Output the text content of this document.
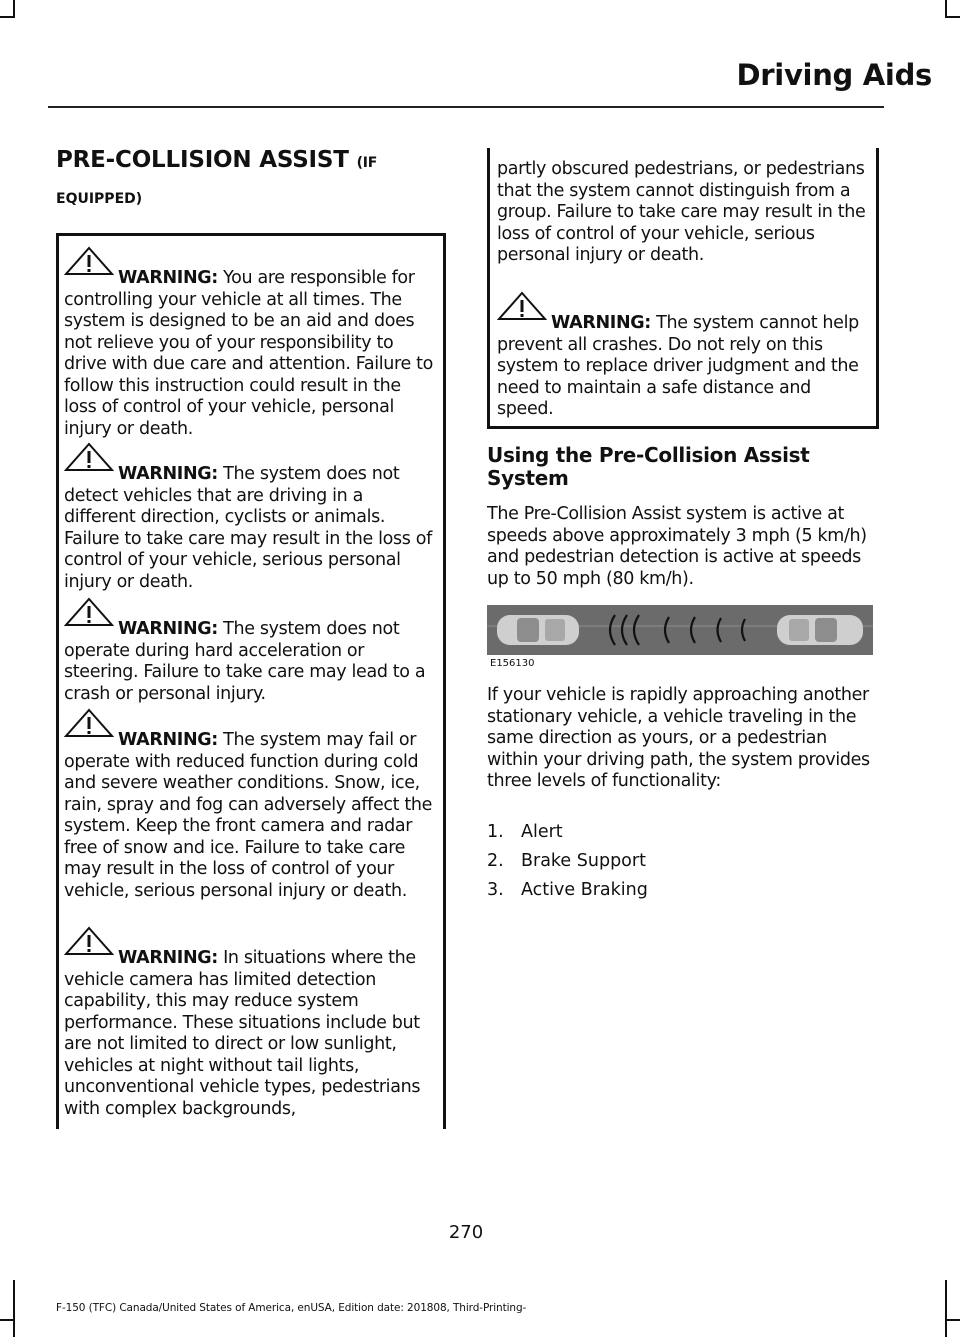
Driving Aids
PRE-COLLISION ASSIST (IF
EQUIPPED)
WARNING: You are responsible for controlling your vehicle at all times. The system is designed to be an aid and does not relieve you of your responsibility to drive with due care and attention. Failure to follow this instruction could result in the loss of control of your vehicle, personal injury or death.
WARNING: The system does not detect vehicles that are driving in a different direction, cyclists or animals. Failure to take care may result in the loss of control of your vehicle, serious personal injury or death.
WARNING: The system does not operate during hard acceleration or steering. Failure to take care may lead to a crash or personal injury.
WARNING: The system may fail or operate with reduced function during cold and severe weather conditions. Snow, ice, rain, spray and fog can adversely affect the system. Keep the front camera and radar free of snow and ice. Failure to take care may result in the loss of control of your vehicle, serious personal injury or death.
WARNING: In situations where the vehicle camera has limited detection capability, this may reduce system performance. These situations include but are not limited to direct or low sunlight, vehicles at night without tail lights, unconventional vehicle types, pedestrians with complex backgrounds,
partly obscured pedestrians, or pedestrians that the system cannot distinguish from a group. Failure to take care may result in the loss of control of your vehicle, serious personal injury or death.
WARNING: The system cannot help prevent all crashes. Do not rely on this system to replace driver judgment and the need to maintain a safe distance and speed.
Using the Pre-Collision Assist System
The Pre-Collision Assist system is active at speeds above approximately 3 mph (5 km/h) and pedestrian detection is active at speeds up to 50 mph (80 km/h).
E156130
If your vehicle is rapidly approaching another stationary vehicle, a vehicle traveling in the same direction as yours, or a pedestrian within your driving path, the system provides three levels of functionality:
1. Alert
2. Brake Support
3. Active Braking
270
F-150 (TFC) Canada/United States of America, enUSA, Edition date: 201808, Third-Printing-
